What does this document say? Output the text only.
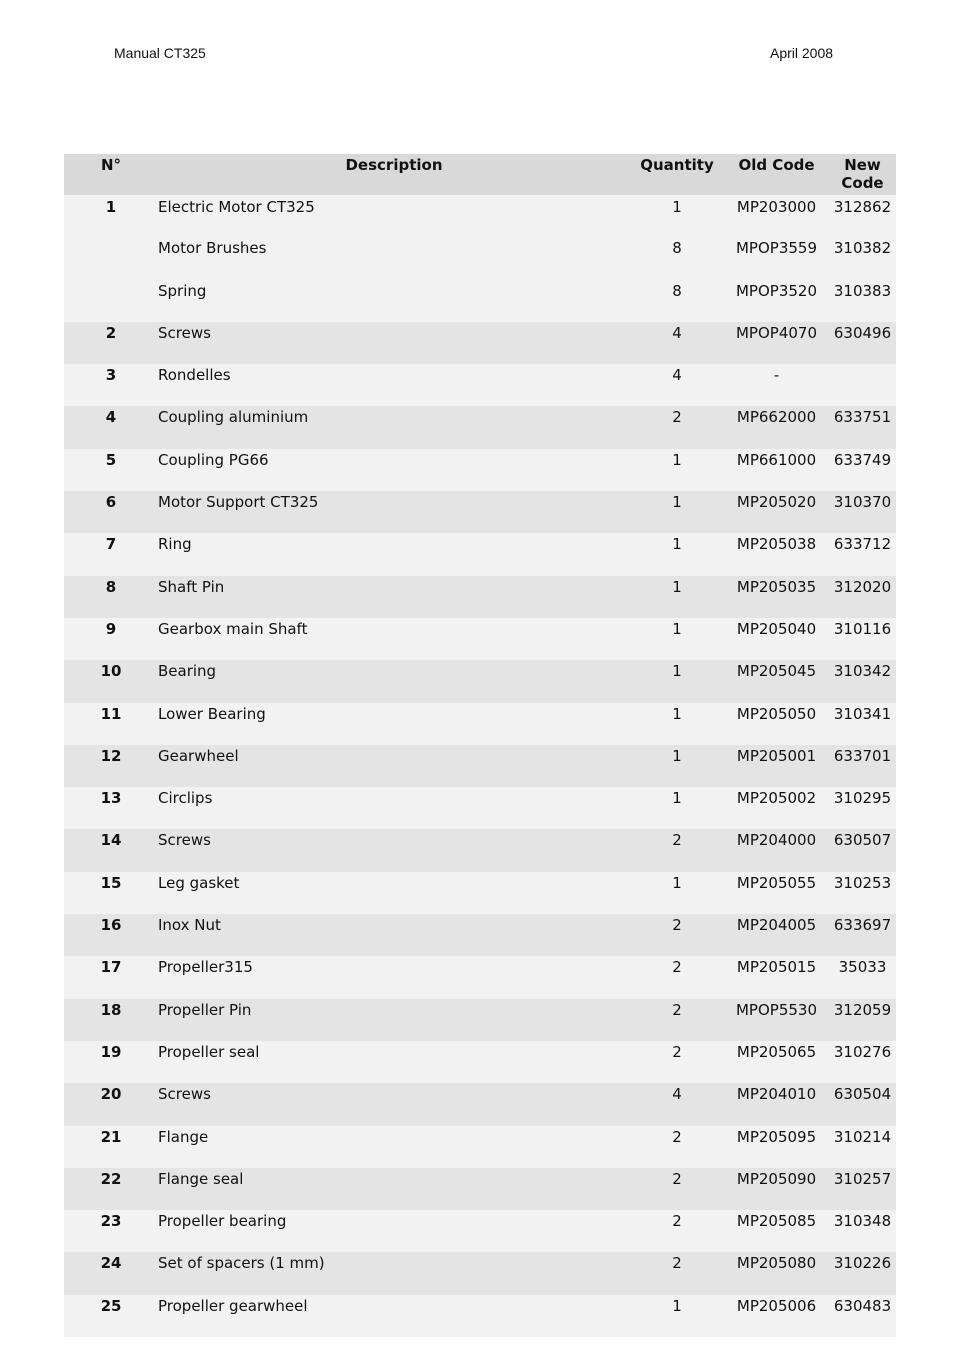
Manual CT325	April 2008
N°	Description	Quantity	Old Code	New Code
1	Electric Motor CT325	1	MP203000	312862
	Motor Brushes	8	MPOP3559	310382
	Spring	8	MPOP3520	310383
2	Screws	4	MPOP4070	630496
3	Rondelles	4	-	
4	Coupling aluminium	2	MP662000	633751
5	Coupling PG66	1	MP661000	633749
6	Motor Support CT325	1	MP205020	310370
7	Ring	1	MP205038	633712
8	Shaft Pin	1	MP205035	312020
9	Gearbox main Shaft	1	MP205040	310116
10	Bearing	1	MP205045	310342
11	Lower Bearing	1	MP205050	310341
12	Gearwheel	1	MP205001	633701
13	Circlips	1	MP205002	310295
14	Screws	2	MP204000	630507
15	Leg gasket	1	MP205055	310253
16	Inox Nut	2	MP204005	633697
17	Propeller315	2	MP205015	35033
18	Propeller Pin	2	MPOP5530	312059
19	Propeller seal	2	MP205065	310276
20	Screws	4	MP204010	630504
21	Flange	2	MP205095	310214
22	Flange seal	2	MP205090	310257
23	Propeller bearing	2	MP205085	310348
24	Set of spacers (1 mm)	2	MP205080	310226
25	Propeller gearwheel	1	MP205006	630483
